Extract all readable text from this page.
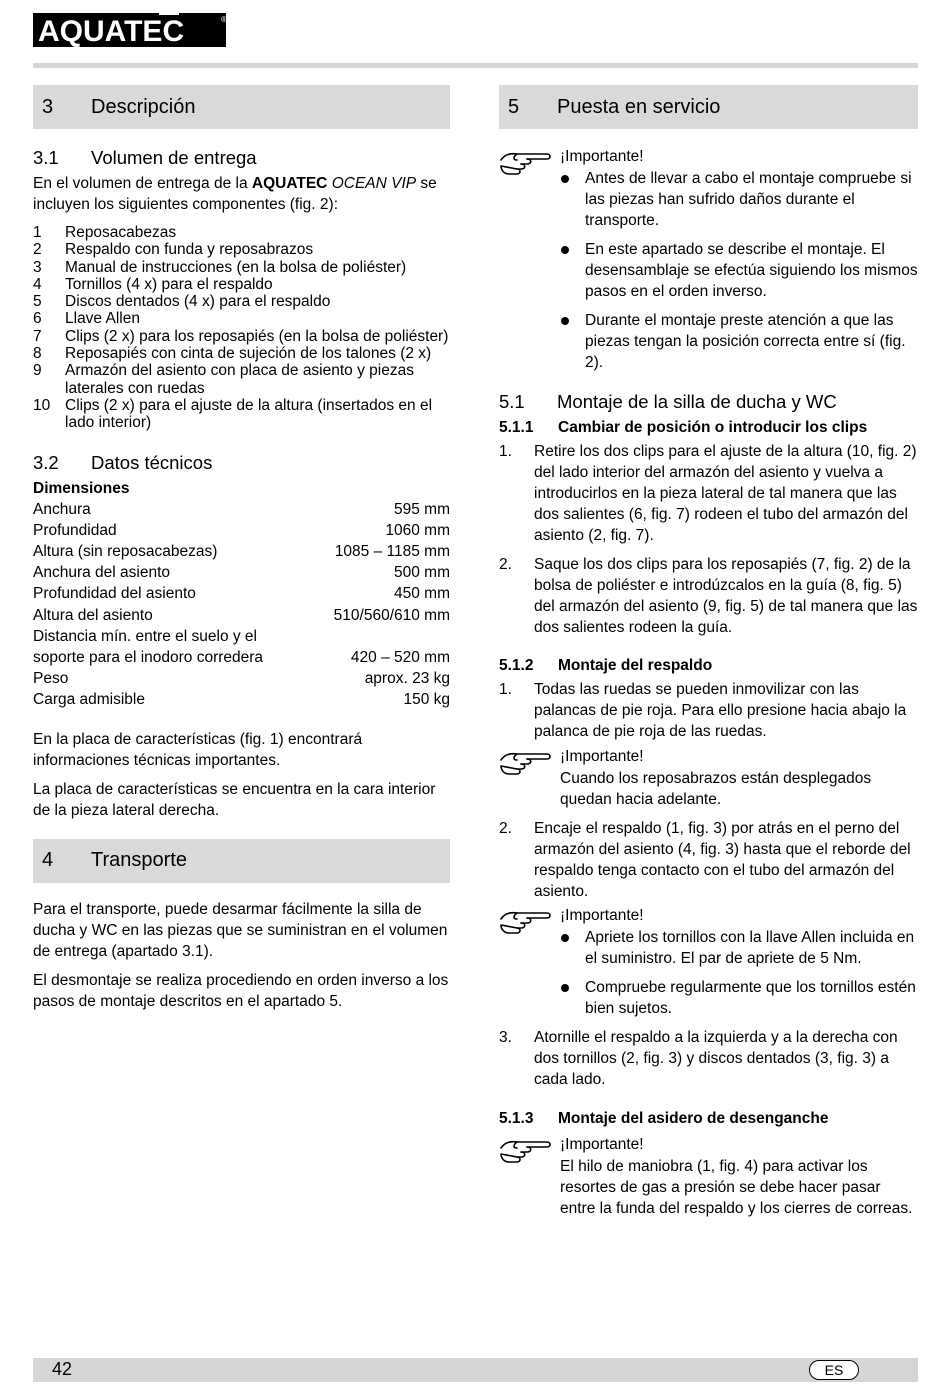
AQUATEC	®
3	Descripción
3.1	Volumen de entrega

En el volumen de entrega de la AQUATEC OCEAN VIP se incluyen los siguientes componentes (fig. 2):

1	Reposacabezas
2	Respaldo con funda y reposabrazos
3	Manual de instrucciones (en la bolsa de poliéster)
4	Tornillos (4 x) para el respaldo
5	Discos dentados (4 x) para el respaldo
6	Llave Allen
7	Clips (2 x) para los reposapiés (en la bolsa de poliéster)
8	Reposapiés con cinta de sujeción de los talones (2 x)
9	Armazón del asiento con placa de asiento y piezas laterales con ruedas
10 Clips (2 x) para el ajuste de la altura (insertados en el lado interior)
3.2	Datos técnicos
Dimensiones
Anchura	595 mm
Profundidad	1060 mm
Altura (sin reposacabezas)	1085 – 1185 mm
Anchura del asiento	500 mm
Profundidad del asiento	450 mm
Altura del asiento	510/560/610 mm
Distancia mín. entre el suelo y el	
soporte para el inodoro corredera	420 – 520 mm
Peso	aprox. 23 kg
Carga admisible	150 kg

En la placa de características (fig. 1) encontrará informaciones técnicas importantes.

La placa de características se encuentra en la cara interior de la pieza lateral derecha.

4	Transporte

Para el transporte, puede desarmar fácilmente la silla de ducha y WC en las piezas que se suministran en el volumen de entrega (apartado 3.1).

El desmontaje se realiza procediendo en orden inverso a los pasos de montaje descritos en el apartado 5.

5	Puesta en servicio
¡Importante!
Antes de llevar a cabo el montaje compruebe si las piezas han sufrido daños durante el transporte.
En este apartado se describe el montaje. El desensamblaje se efectúa siguiendo los mismos pasos en el orden inverso.
Durante el montaje preste atención a que las piezas tengan la posición correcta entre sí (fig. 2).
5.1	Montaje de la silla de ducha y WC
5.1.1	Cambiar de posición o introducir los clips
1.	Retire los dos clips para el ajuste de la altura (10, fig. 2) del lado interior del armazón del asiento y vuelva a introducirlos en la pieza lateral de tal manera que las dos salientes (6, fig. 7) rodeen el tubo del armazón del asiento (2, fig. 7).
2.	Saque los dos clips para los reposapiés (7, fig. 2) de la bolsa de poliéster e introdúzcalos en la guía (8, fig. 5) del armazón del asiento (9, fig. 5) de tal manera que las dos salientes rodeen la guía.
5.1.2	Montaje del respaldo
1.	Todas las ruedas se pueden inmovilizar con las palancas de pie roja. Para ello presione hacia abajo la palanca de pie roja de las ruedas.
¡Importante!

Cuando los reposabrazos están desplegados quedan hacia adelante.

2.	Encaje el respaldo (1, fig. 3) por atrás en el perno del armazón del asiento (4, fig. 3) hasta que el reborde del respaldo tenga contacto con el tubo del armazón del asiento.
¡Importante!
Apriete los tornillos con la llave Allen incluida en el suministro. El par de apriete de 5 Nm.
Compruebe regularmente que los tornillos estén bien sujetos.
3.	Atornille el respaldo a la izquierda y a la derecha con dos tornillos (2, fig. 3) y discos dentados (3, fig. 3) a cada lado.
5.1.3	Montaje del asidero de desenganche
¡Importante!

El hilo de maniobra (1, fig. 4) para activar los resortes de gas a presión se debe hacer pasar entre la funda del respaldo y los cierres de correas.

42	ES
